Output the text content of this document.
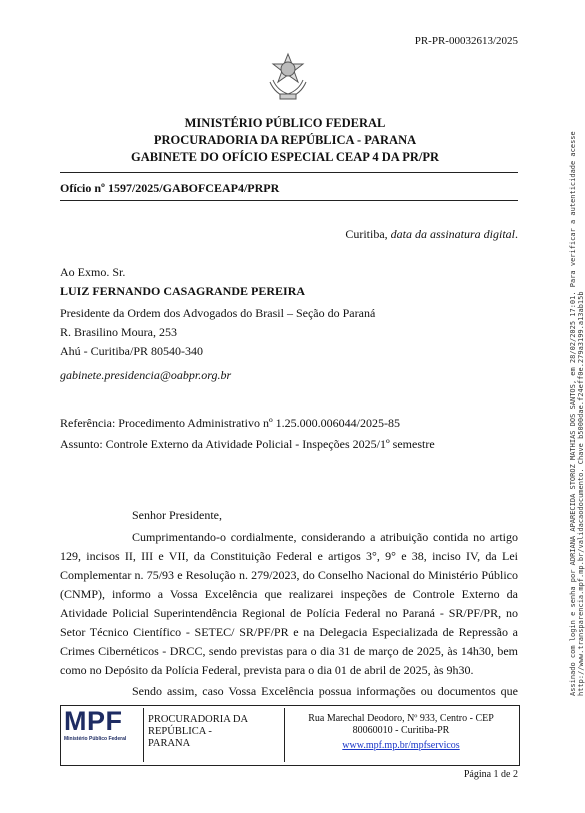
PR-PR-00032613/2025
MINISTÉRIO PÚBLICO FEDERAL
PROCURADORIA DA REPÚBLICA - PARANA
GABINETE DO OFÍCIO ESPECIAL CEAP 4 DA PR/PR
Ofício nº 1597/2025/GABOFCEAP4/PRPR
Curitiba, data da assinatura digital.
Ao Exmo. Sr.
LUIZ FERNANDO CASAGRANDE PEREIRA
Presidente da Ordem dos Advogados do Brasil – Seção do Paraná
R. Brasilino Moura, 253
Ahú - Curitiba/PR 80540-340
gabinete.presidencia@oabpr.org.br
Referência: Procedimento Administrativo nº 1.25.000.006044/2025-85
Assunto: Controle Externo da Atividade Policial - Inspeções 2025/1º semestre
Senhor Presidente,

Cumprimentando-o cordialmente, considerando a atribuição contida no artigo 129, incisos II, III e VII, da Constituição Federal e artigos 3°, 9° e 38, inciso IV, da Lei Complementar n. 75/93 e Resolução n. 279/2023, do Conselho Nacional do Ministério Público (CNMP), informo a Vossa Excelência que realizarei inspeções de Controle Externo da Atividade Policial Superintendência Regional de Polícia Federal no Paraná - SR/PF/PR, no Setor Técnico Científico - SETEC/ SR/PF/PR e na Delegacia Especializada de Repressão a Crimes Cibernéticos - DRCC, sendo previstas para o dia 31 de março de 2025, às 14h30, bem como no Depósito da Polícia Federal, prevista para o dia 01 de abril de 2025, às 9h30.

Sendo assim, caso Vossa Excelência possua informações ou documentos que	Assinado com login e senha por ADRIANA APARECIDA STOROZ MATHIAS DOS SANTOS, em 28/02/2025 17:01. Para verificar a autenticidade acesse http://www.transparencia.mpf.mp.br/validacaodocumento. Chave b5000dae.f24eff0e.279a3199.a13ab15b
MPF
Ministério Público Federal
PROCURADORIA DA REPÚBLICA - PARANA
Rua Marechal Deodoro, Nº 933, Centro - CEP 80060010 - Curitiba-PR
www.mpf.mp.br/mpfservicos
Página 1 de 2
